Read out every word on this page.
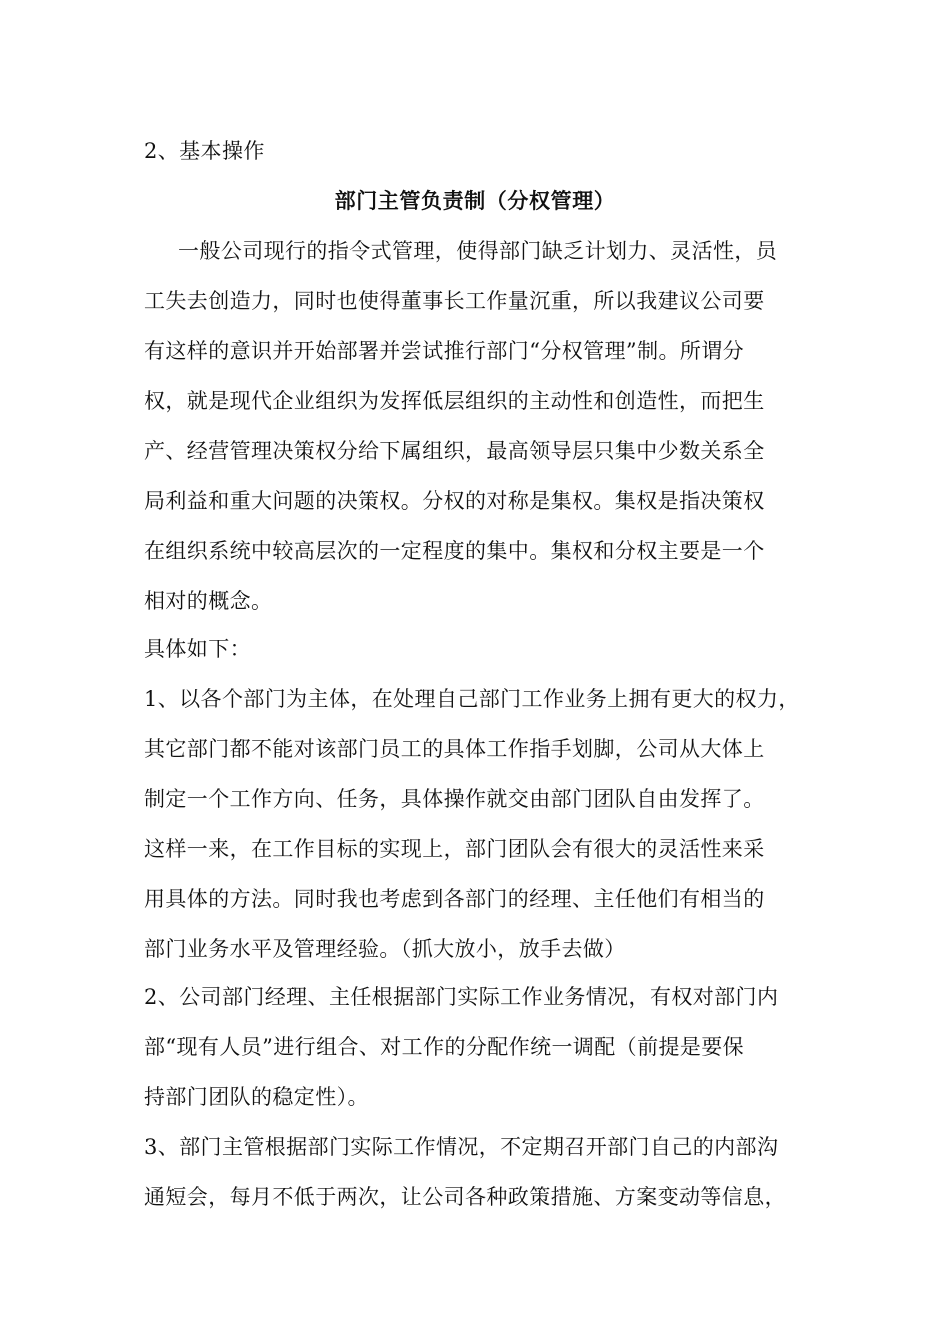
2、基本操作
部门主管负责制（分权管理）
一般公司现行的指令式管理，使得部门缺乏计划力、灵活性，员
工失去创造力，同时也使得董事长工作量沉重，所以我建议公司要
有这样的意识并开始部署并尝试推行部门“分权管理”制。所谓分
权，就是现代企业组织为发挥低层组织的主动性和创造性，而把生
产、经营管理决策权分给下属组织，最高领导层只集中少数关系全
局利益和重大问题的决策权。分权的对称是集权。集权是指决策权
在组织系统中较高层次的一定程度的集中。集权和分权主要是一个
相对的概念。
具体如下：
1、以各个部门为主体，在处理自己部门工作业务上拥有更大的权力，
其它部门都不能对该部门员工的具体工作指手划脚，公司从大体上
制定一个工作方向、任务，具体操作就交由部门团队自由发挥了。
这样一来，在工作目标的实现上，部门团队会有很大的灵活性来采
用具体的方法。同时我也考虑到各部门的经理、主任他们有相当的
部门业务水平及管理经验。（抓大放小，放手去做）
2、公司部门经理、主任根据部门实际工作业务情况，有权对部门内
部“现有人员”进行组合、对工作的分配作统一调配（前提是要保
持部门团队的稳定性）。
3、部门主管根据部门实际工作情况，不定期召开部门自己的内部沟
通短会，每月不低于两次，让公司各种政策措施、方案变动等信息，
